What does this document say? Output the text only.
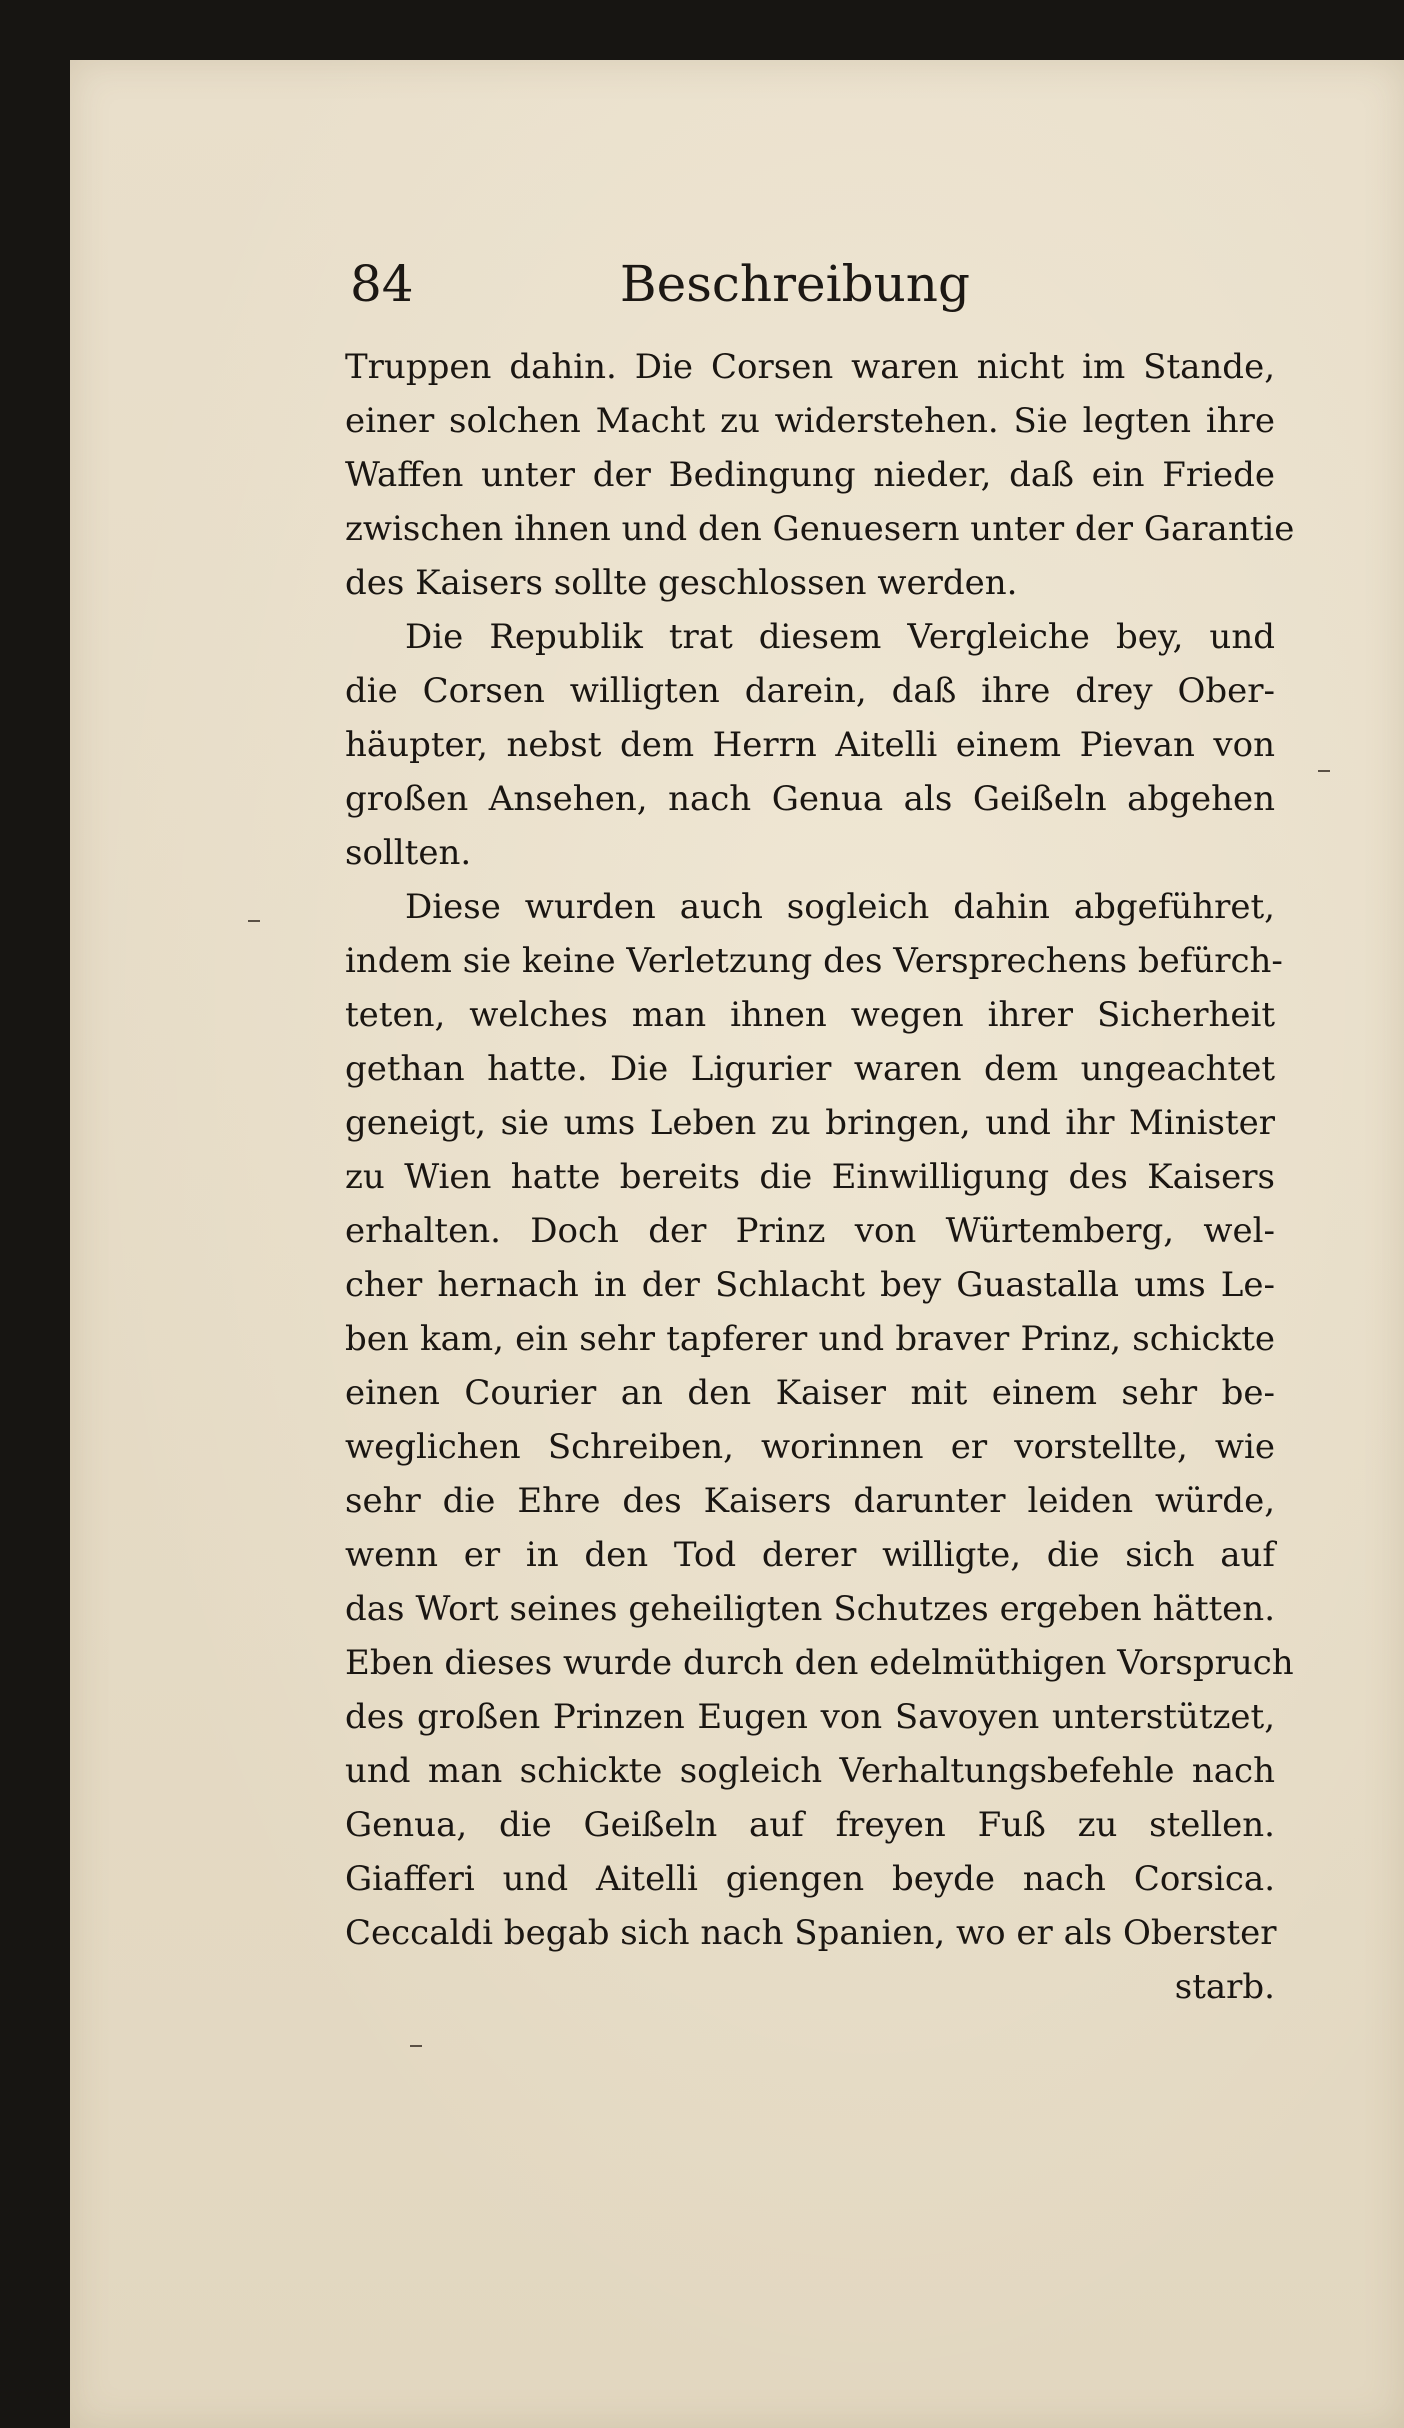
84	Beschreibung
Truppen dahin. Die Corsen waren nicht im Stande,
einer solchen Macht zu widerstehen. Sie legten ihre
Waffen unter der Bedingung nieder, daß ein Friede
zwischen ihnen und den Genuesern unter der Garantie
des Kaisers sollte geschlossen werden.
Die Republik trat diesem Vergleiche bey, und
die Corsen willigten darein, daß ihre drey Ober-
häupter, nebst dem Herrn Aitelli einem Pievan von
großen Ansehen, nach Genua als Geißeln abgehen
sollten.
Diese wurden auch sogleich dahin abgeführet,
indem sie keine Verletzung des Versprechens befürch-
teten, welches man ihnen wegen ihrer Sicherheit
gethan hatte. Die Ligurier waren dem ungeachtet
geneigt, sie ums Leben zu bringen, und ihr Minister
zu Wien hatte bereits die Einwilligung des Kaisers
erhalten. Doch der Prinz von Würtemberg, wel-
cher hernach in der Schlacht bey Guastalla ums Le-
ben kam, ein sehr tapferer und braver Prinz, schickte
einen Courier an den Kaiser mit einem sehr be-
weglichen Schreiben, worinnen er vorstellte, wie
sehr die Ehre des Kaisers darunter leiden würde,
wenn er in den Tod derer willigte, die sich auf
das Wort seines geheiligten Schutzes ergeben hätten.
Eben dieses wurde durch den edelmüthigen Vorspruch
des großen Prinzen Eugen von Savoyen unterstützet,
und man schickte sogleich Verhaltungsbefehle nach
Genua, die Geißeln auf freyen Fuß zu stellen.
Giafferi und Aitelli giengen beyde nach Corsica.
Ceccaldi begab sich nach Spanien, wo er als Oberster
starb.
